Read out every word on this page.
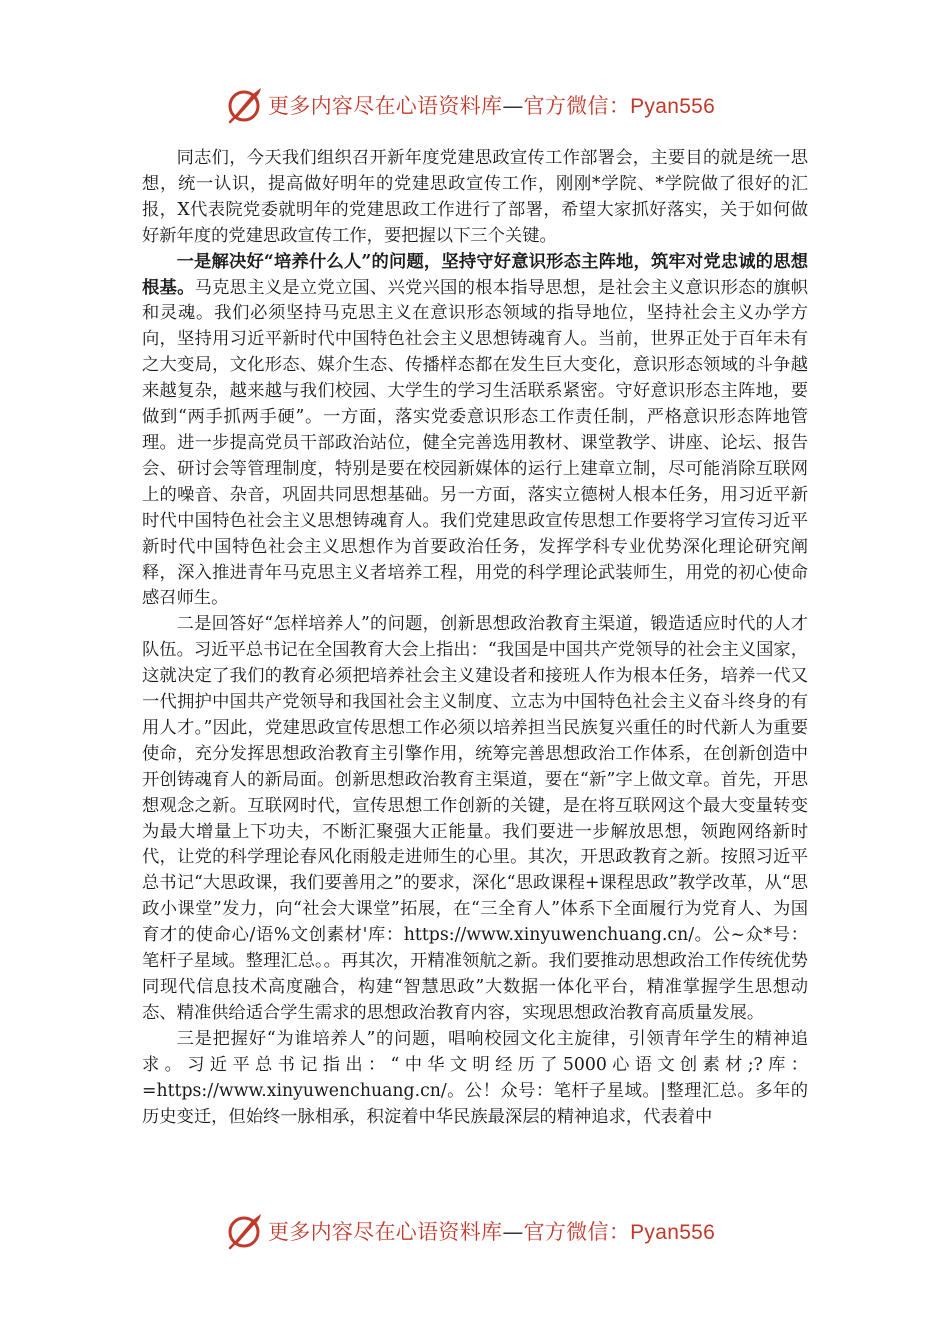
更多内容尽在心语资料库—官方微信：Pyan556

同志们，今天我们组织召开新年度党建思政宣传工作部署会，主要目的就是统一思想，统一认识，提高做好明年的党建思政宣传工作，刚刚*学院、*学院做了很好的汇报，X代表院党委就明年的党建思政工作进行了部署，希望大家抓好落实，关于如何做好新年度的党建思政宣传工作，要把握以下三个关键。

一是解决好“培养什么人”的问题，坚持守好意识形态主阵地，筑牢对党忠诚的思想根基。马克思主义是立党立国、兴党兴国的根本指导思想，是社会主义意识形态的旗帜和灵魂。我们必须坚持马克思主义在意识形态领域的指导地位，坚持社会主义办学方向，坚持用习近平新时代中国特色社会主义思想铸魂育人。当前，世界正处于百年未有之大变局，文化形态、媒介生态、传播样态都在发生巨大变化，意识形态领域的斗争越来越复杂，越来越与我们校园、大学生的学习生活联系紧密。守好意识形态主阵地，要做到“两手抓两手硬”。一方面，落实党委意识形态工作责任制，严格意识形态阵地管理。进一步提高党员干部政治站位，健全完善选用教材、课堂教学、讲座、论坛、报告会、研讨会等管理制度，特别是要在校园新媒体的运行上建章立制，尽可能消除互联网上的噪音、杂音，巩固共同思想基础。另一方面，落实立德树人根本任务，用习近平新时代中国特色社会主义思想铸魂育人。我们党建思政宣传思想工作要将学习宣传习近平新时代中国特色社会主义思想作为首要政治任务，发挥学科专业优势深化理论研究阐释，深入推进青年马克思主义者培养工程，用党的科学理论武装师生，用党的初心使命感召师生。

二是回答好“怎样培养人”的问题，创新思想政治教育主渠道，锻造适应时代的人才队伍。习近平总书记在全国教育大会上指出：“我国是中国共产党领导的社会主义国家，这就决定了我们的教育必须把培养社会主义建设者和接班人作为根本任务，培养一代又一代拥护中国共产党领导和我国社会主义制度、立志为中国特色社会主义奋斗终身的有用人才。”因此，党建思政宣传思想工作必须以培养担当民族复兴重任的时代新人为重要使命，充分发挥思想政治教育主引擎作用，统筹完善思想政治工作体系，在创新创造中开创铸魂育人的新局面。创新思想政治教育主渠道，要在“新”字上做文章。首先，开思想观念之新。互联网时代，宣传思想工作创新的关键，是在将互联网这个最大变量转变为最大增量上下功夫，不断汇聚强大正能量。我们要进一步解放思想，领跑网络新时代，让党的科学理论春风化雨般走进师生的心里。其次，开思政教育之新。按照习近平总书记“大思政课，我们要善用之”的要求，深化“思政课程+课程思政”教学改革，从“思政小课堂”发力，向“社会大课堂”拓展，在“三全育人”体系下全面履行为党育人、为国育才的使命心/语%文创素材'库：https://www.xinyuwenchuang.cn/。公~众*号：笔杆子星域。整理汇总。。再其次，开精准领航之新。我们要推动思想政治工作传统优势同现代信息技术高度融合，构建“智慧思政”大数据一体化平台，精准掌握学生思想动态、精准供给适合学生需求的思想政治教育内容，实现思想政治教育高质量发展。

三是把握好“为谁培养人”的问题，唱响校园文化主旋律，引领青年学生的精神追求。习近平总书记指出：“中华文明经历了5000心语文创素材;?库：=https://www.xinyuwenchuang.cn/。公！众号：笔杆子星域。|整理汇总。多年的历史变迁，但始终一脉相承，积淀着中华民族最深层的精神追求，代表着中

更多内容尽在心语资料库—官方微信：Pyan556
